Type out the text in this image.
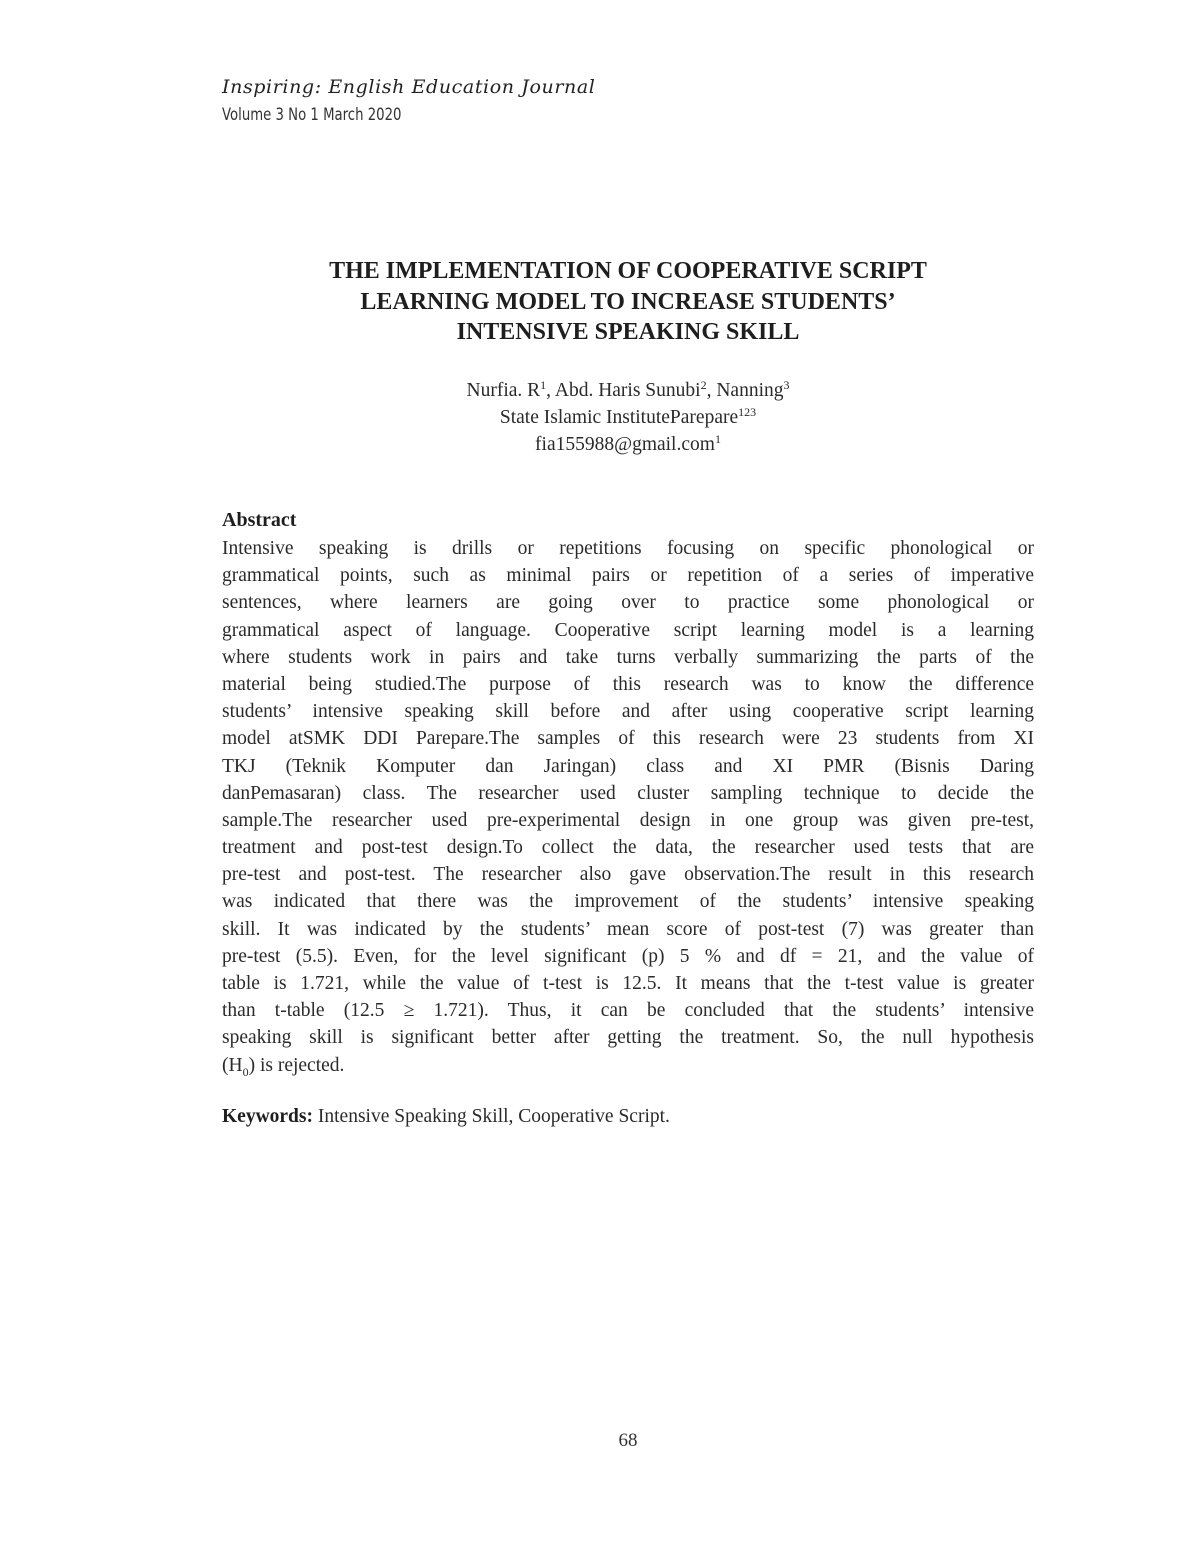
Inspiring: English Education Journal
Volume 3 No 1 March 2020
THE IMPLEMENTATION OF COOPERATIVE SCRIPT
LEARNING MODEL TO INCREASE STUDENTS’
INTENSIVE SPEAKING SKILL
Nurfia. $R^1$, Abd. Haris Sunubi$^2$, Nanning$^3$
State Islamic InstituteParepare$^{123}$
fia155988@gmail.com$^1$
Abstract
Intensive speaking is drills or repetitions focusing on specific phonological or
grammatical points, such as minimal pairs or repetition of a series of imperative
sentences, where learners are going over to practice some phonological or
grammatical aspect of language. Cooperative script learning model is a learning
where students work in pairs and take turns verbally summarizing the parts of the
material being studied.The purpose of this research was to know the difference
students’ intensive speaking skill before and after using cooperative script learning
model atSMK DDI Parepare.The samples of this research were 23 students from XI
TKJ (Teknik Komputer dan Jaringan) class and XI PMR (Bisnis Daring
danPemasaran) class. The researcher used cluster sampling technique to decide the
sample.The researcher used pre-experimental design in one group was given pre-test,
treatment and post-test design.To collect the data, the researcher used tests that are
pre-test and post-test. The researcher also gave observation.The result in this research
was indicated that there was the improvement of the students’ intensive speaking
skill. It was indicated by the students’ mean score of post-test (7) was greater than
pre-test (5.5). Even, for the level significant (p) 5 % and df = 21, and the value of
table is 1.721, while the value of t-test is 12.5. It means that the t-test value is greater
than t-table (12.5 ≥ 1.721). Thus, it can be concluded that the students’ intensive
speaking skill is significant better after getting the treatment. So, the null hypothesis
$(H_0)$ is rejected.
Keywords: Intensive Speaking Skill, Cooperative Script.
68
